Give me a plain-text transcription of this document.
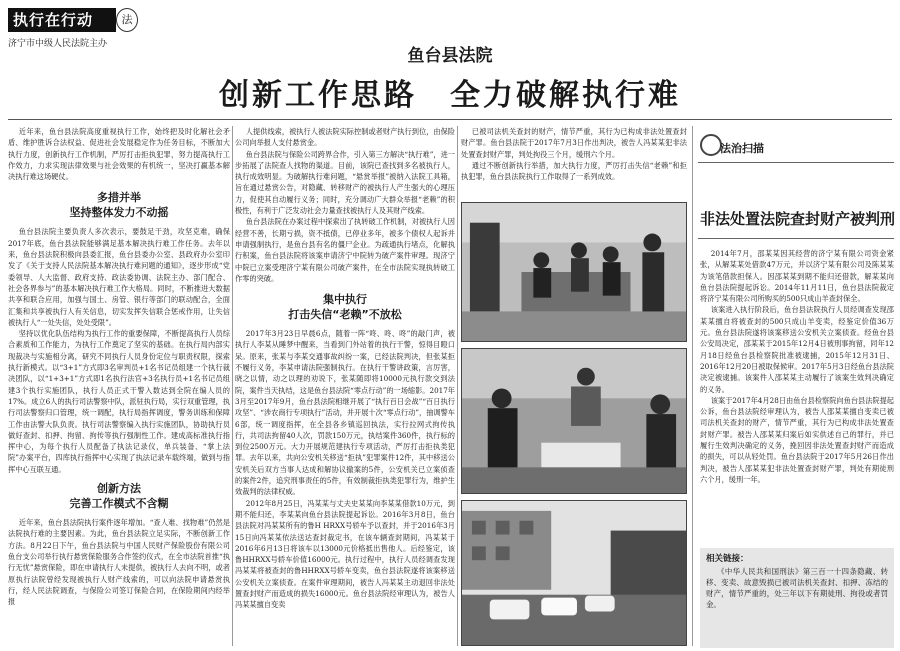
执行在行动	法
济宁市中级人民法院主办
鱼台县法院
创新工作思路　全力破解执行难

近年来，鱼台县法院高度重视执行工作，始终把及时化解社会矛盾、维护胜诉合法权益、促进社会发展稳定作为任务目标，不断加大执行力度，创新执行工作机制，严厉打击拒执犯罪，努力提高执行工作效力，力求实现法律效果与社会效果的有机统一，坚决打赢基本解决执行难这场硬仗。

多措并举
坚持整体发力不动摇

鱼台县法院主要负责人多次表示，要鼓足干劲，攻坚克难，确保2017年底，鱼台县法院能够满足基本解决执行难工作任务。去年以来，鱼台县法院积极向县委汇报，鱼台县委办公室、县政府办公室印发了《关于支持人民法院基本解决执行难问题的通知》，逐步形成“党委领导、人大监督、政府支持、政法委协调、法院主办、部门配合、社会各界参与”的基本解决执行难工作大格局。同时，不断推进大数据共享和联合应用，加强与国土、房管、银行等部门的联动配合，全面汇集和共享被执行人有关信息，切实发挥失信联合惩戒作用，让失信被执行人“一处失信，处处受限”。

坚持以优化队伍结构为执行工作的重要保障，不断提高执行人员综合素质和工作能力，为执行工作奠定了坚实的基础。在执行局内部实现裁决与实施相分离，研究不同执行人员身份定位与职责权限，探索执行新模式。以“3+1”方式即3名审判员+1名书记员组建一个执行裁决团队，以“1+3+1”方式即1名执行法官+3名执行员+1名书记员组建3个执行实施团队，执行人员正式干警入数达到全院在编人员的17%。成立6人的执行司法警察中队，派驻执行局，实行双重管理，执行司法警察归口管理，统一调配，执行局指挥调度，警务训练和保障工作由法警大队负责。执行司法警察编入执行实施团队，协助执行员做好查封、扣押、拘留、拘传等执行强制性工作。建成高标准执行指挥中心，为每个执行人员配备了执法记录仪，单兵装备、“掌上法院”办案平台，四库执行指挥中心实现了执法记录车载终端，做到与指挥中心互联互通。

创新方法
完善工作模式不含糊

近年来，鱼台县法院执行案件逐年增加。“查人难、找物难”仍然是法院执行难的主要因素。为此，鱼台县法院立足实际，不断创新工作方法。8月22日下午，鱼台县法院与中国人民财产保险股份有限公司鱼台支公司举行执行悬赏保险服务合作签约仪式，在全市法院首推“执行无忧”悬赏保险，即在申请执行人未提供，被执行人去向不明，或者原执行法院曾经发现被执行人财产线索的，可以向法院申请悬赏执行，经人民法院调查，与保险公司签订保险合同，在保险期间内经举报

人提供线索，被执行人被法院实际控制或者财产执行到位，由保险公司向举报人支付悬赏金。

鱼台县法院与保险公司跨界合作，引入第三方解决“执行难”，进一步拓展了法院查人找物的渠道。目前，该院已查找到多名被执行人，执行成效明显。为破解执行难问题，“悬赏举报”被纳入法院工具箱，旨在通过悬赏公告，对隐藏、转移财产的被执行人产生强大的心理压力，促使其自动履行义务；同时，充分调动广大群众举报“老赖”的积极性，有利于广泛发动社会力量查找被执行人及其财产线索。

鱼台县法院在办案过程中探索出了执转破工作机制，对被执行人因经营不善，长期亏损，资不抵债，已停业多年，被多个债权人起诉并申请强制执行，是鱼台县有名的僵尸企业。为疏通执行堵点，化解执行积案，鱼台县法院将该案申请济宁中院转为破产案件审理。现济宁中院已立案受理济宁某有限公司破产案件，在全市法院实现执转破工作零的突破。

集中执行
打击失信“老赖”不放松

2017年3月23日早晨6点，随着一阵“咚、咚、咚”的敲门声，被执行人李某从睡梦中醒来，当看到门外站着的执行干警，惊得目瞪口呆。原来，张某与李某交通事故纠纷一案，已经法院判决，但张某拒不履行义务，李某申请法院强制执行。在执行干警讲政策，言厉害，晓之以情，动之以理的劝说下，张某随即将10000元执行款交到法院，案件当天执结，这是鱼台县法院“零点行动”的一场缩影。2017年3月至2017年9月，鱼台县法院相继开展了“执行百日会战”“百日执行攻坚”、“涉农商行专项执行”活动，并开展十次“零点行动”，抽调警车6部，统一调度指挥，在全县各乡镇巡回执法，实行拉网式拘传执行，共司法拘留40人次，罚款150万元，执结案件360件，执行标的到位2500万元。大力开展规范建执行专项活动，严厉打击拒执类犯罪。去年以来，共向公安机关移送“拒执”犯罪案件12件，其中移送公安机关后双方当事人达成和解协议撤案的5件，公安机关已立案侦查的案件2件，追究刑事责任的5件，有效制裁拒执类犯罪行为，维护生效裁判的法律权威。

2012年8月25日，冯某某与丈夫史某某向李某某借款10万元，到期不能归还，李某某向鱼台县法院提起诉讼。2016年3月8日，鱼台县法院对冯某某所有的鲁H HRXX号轿车予以查封，并于2016年3月15日向冯某某依法送达查封裁定书，在该车辆查封期间，冯某某于2016年6月13日将该车以13000元价格抵出售他人。后经鉴定，该鲁HHRXX号轿车价值16000元。执行过程中，执行人员经调查发现冯某某将被查封的鲁HHRXX号轿车变卖，鱼台县法院遂将该案移送公安机关立案侦查。在案件审理期间，被告人冯某某主动退回非法处置查封财产而造成的损失16000元。鱼台县法院经审理认为，被告人冯某某擅自变卖

已被司法机关查封的财产，情节严重，其行为已构成非法处置查封财产罪。鱼台县法院于2017年7月3日作出判决，被告人冯某某犯非法处置查封财产罪，判处拘役三个月，缓刑六个月。

通过不断创新执行举措，加大执行力度，严厉打击失信“老赖”和拒执犯罪，鱼台县法院执行工作取得了一系列成效。

法治扫描
非法处置法院查封财产被判刑

2014年7月，邵某某因其经营的济宁某有限公司资金紧张，从解某某处借款47万元，并以济宁某有限公司及陈某某为该笔借款担保人。因邵某某到期不能归还借款，解某某向鱼台县法院提起诉讼。2014年11月11日，鱼台县法院裁定将济宁某有限公司所购买的500只成山羊查封保全。

该案进入执行阶段后，鱼台县法院执行人员经调查发现邵某某擅自将被查封的500只成山羊变卖，经鉴定价值36万元。鱼台县法院遂将该案移送公安机关立案侦查。经鱼台县公安局决定，邵某某于2015年12月4日被刑事拘留，同年12月18日经鱼台县检察院批准被逮捕，2015年12月31日、2016年12月20日被取保候审。2017年5月3日经鱼台县法院决定被逮捕。该案件人邵某某主动履行了该案生效判决确定的义务。

该案于2017年4月28日由鱼台县检察院向鱼台县法院提起公诉，鱼台县法院经审理认为，被告人邵某某擅自变卖已被司法机关查封的财产，情节严重，其行为已构成非法处置查封财产罪。被告人邵某某归案后如实供述自己的罪行，并已履行生效判决确定的义务，挽回因非法处置查封财产而造成的损失，可以从轻处罚。鱼台县法院于2017年5月26日作出判决，被告人邵某某犯非法处置查封财产罪，判处有期徒刑六个月，缓刑一年。

相关链接：

《中华人民共和国刑法》第三百一十四条隐藏、转移、变卖、故意毁损已被司法机关查封、扣押、冻结的财产，情节严重的，处三年以下有期徒刑、拘役或者罚金。
